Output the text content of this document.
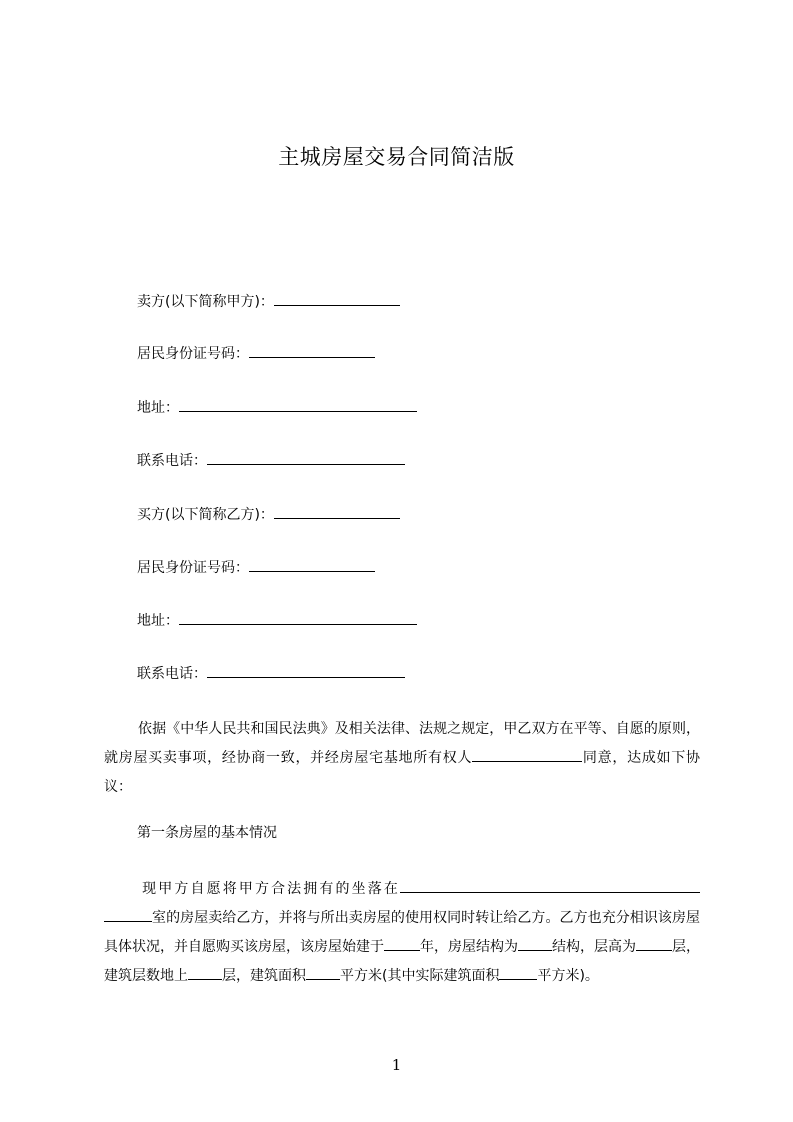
主城房屋交易合同简洁版
卖方(以下简称甲方)：
居民身份证号码：
地址：
联系电话：
买方(以下简称乙方)：
居民身份证号码：
地址：
联系电话：
依据《中华人民共和国民法典》及相关法律、法规之规定，甲乙双方在平等、自愿的原则，就房屋买卖事项，经协商一致，并经房屋宅基地所有权人	同意，达成如下协议：
第一条房屋的基本情况
现甲方自愿将甲方合法拥有的坐落在室的房屋卖给乙方，并将与所出卖房屋的使用权同时转让给乙方。乙方也充分相识该房屋具体状况，并自愿购买该房屋，该房屋始建于	年，房屋结构为 结构，层高为	层，建筑层数地上 层，建筑面积 平方米(其中实际建筑面积	平方米)。
1
